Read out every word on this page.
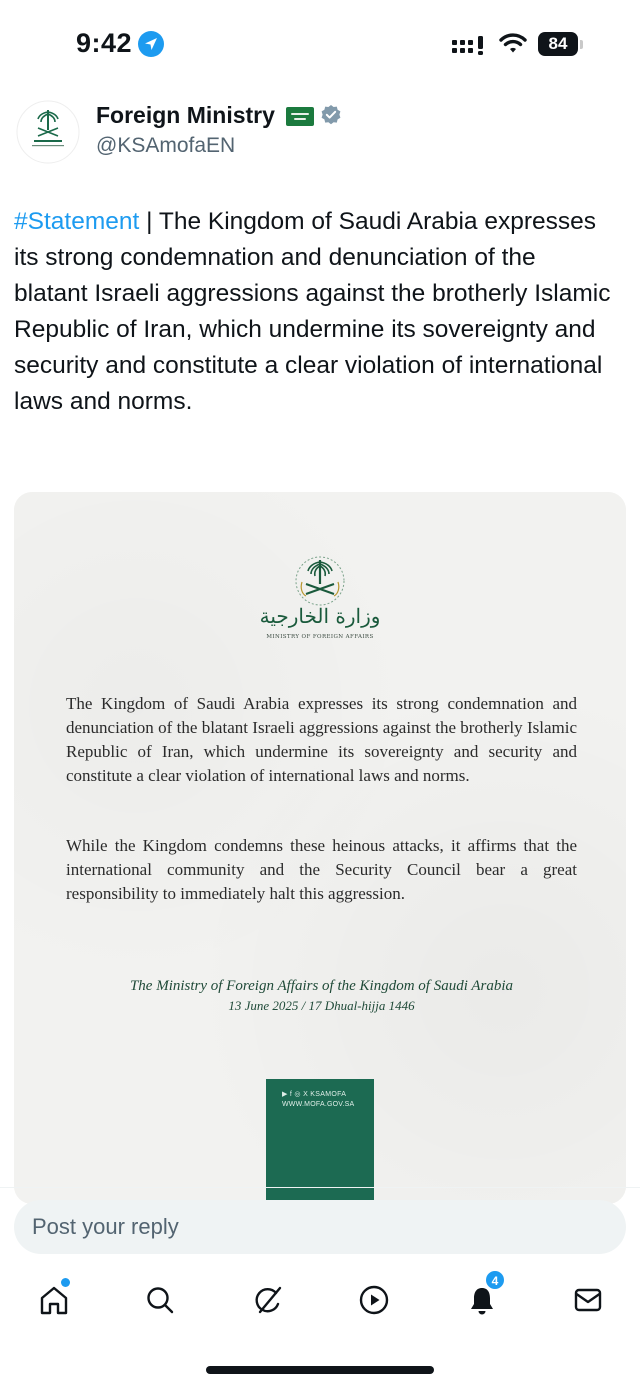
9:42	84
Foreign Ministry
@KSAmofaEN
#Statement | The Kingdom of Saudi Arabia expresses its strong condemnation and denunciation of the blatant Israeli aggressions against the brotherly Islamic Republic of Iran, which undermine its sovereignty and security and constitute a clear violation of international laws and norms.
وزارة الخارجية
MINISTRY OF FOREIGN AFFAIRS

The Kingdom of Saudi Arabia expresses its strong condemnation and denunciation of the blatant Israeli aggressions against the brotherly Islamic Republic of Iran, which undermine its sovereignty and security and constitute a clear violation of international laws and norms.

While the Kingdom condemns these heinous attacks, it affirms that the international community and the Security Council bear a great responsibility to immediately halt this aggression.

The Ministry of Foreign Affairs of the Kingdom of Saudi Arabia
13 June 2025 / 17 Dhual-hijja 1446
▶ f ◎ X KSAMOFA
WWW.MOFA.GOV.SA
Post your reply
4
